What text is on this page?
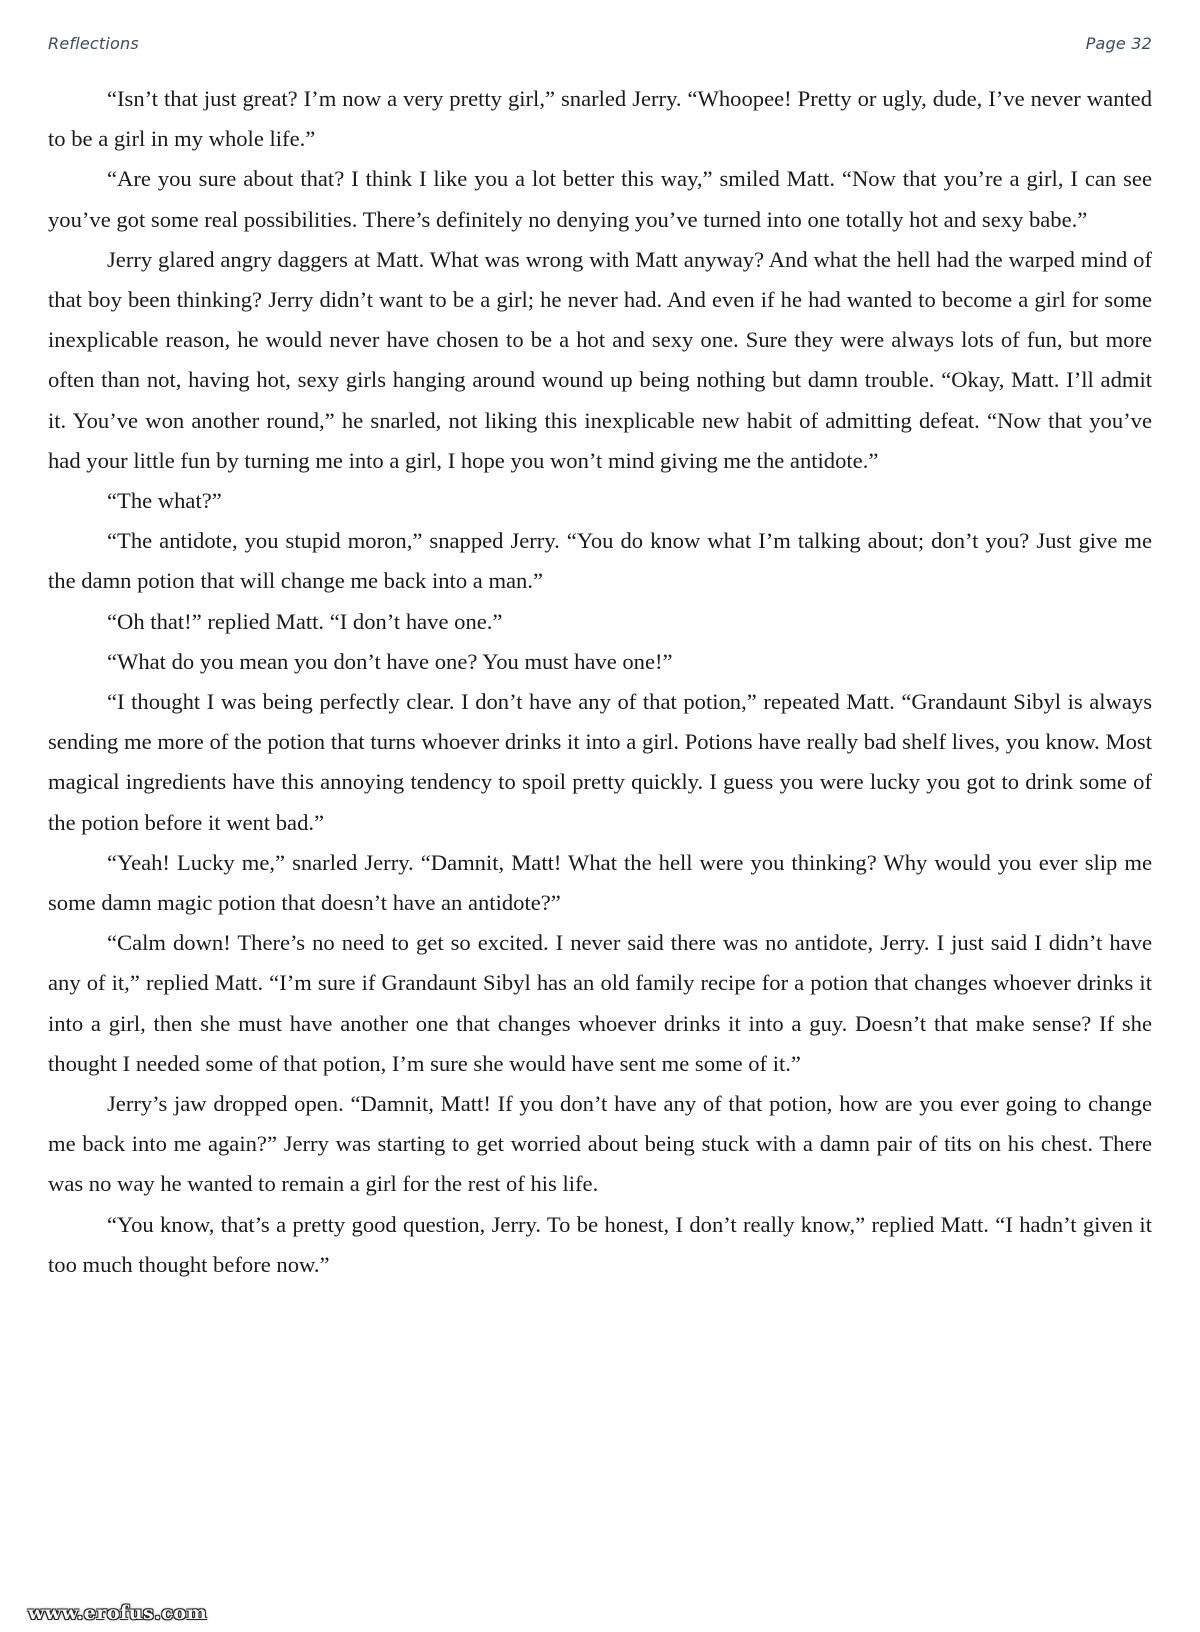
Reflections	Page 32

“Isn’t that just great? I’m now a very pretty girl,” snarled Jerry. “Whoopee! Pretty or ugly, dude, I’ve never wanted to be a girl in my whole life.”

“Are you sure about that? I think I like you a lot better this way,” smiled Matt. “Now that you’re a girl, I can see you’ve got some real possibilities. There’s definitely no denying you’ve turned into one totally hot and sexy babe.”

Jerry glared angry daggers at Matt. What was wrong with Matt anyway? And what the hell had the warped mind of that boy been thinking? Jerry didn’t want to be a girl; he never had. And even if he had wanted to become a girl for some inexplicable reason, he would never have chosen to be a hot and sexy one. Sure they were always lots of fun, but more often than not, having hot, sexy girls hanging around wound up being nothing but damn trouble. “Okay, Matt. I’ll admit it. You’ve won another round,” he snarled, not liking this inexplicable new habit of admitting defeat. “Now that you’ve had your little fun by turning me into a girl, I hope you won’t mind giving me the antidote.”

“The what?”

“The antidote, you stupid moron,” snapped Jerry. “You do know what I’m talking about; don’t you? Just give me the damn potion that will change me back into a man.”

“Oh that!” replied Matt. “I don’t have one.”

“What do you mean you don’t have one? You must have one!”

“I thought I was being perfectly clear. I don’t have any of that potion,” repeated Matt. “Grandaunt Sibyl is always sending me more of the potion that turns whoever drinks it into a girl. Potions have really bad shelf lives, you know. Most magical ingredients have this annoying tendency to spoil pretty quickly. I guess you were lucky you got to drink some of the potion before it went bad.”

“Yeah! Lucky me,” snarled Jerry. “Damnit, Matt! What the hell were you thinking? Why would you ever slip me some damn magic potion that doesn’t have an antidote?”

“Calm down! There’s no need to get so excited. I never said there was no antidote, Jerry. I just said I didn’t have any of it,” replied Matt. “I’m sure if Grandaunt Sibyl has an old family recipe for a potion that changes whoever drinks it into a girl, then she must have another one that changes whoever drinks it into a guy. Doesn’t that make sense? If she thought I needed some of that potion, I’m sure she would have sent me some of it.”

Jerry’s jaw dropped open. “Damnit, Matt! If you don’t have any of that potion, how are you ever going to change me back into me again?” Jerry was starting to get worried about being stuck with a damn pair of tits on his chest. There was no way he wanted to remain a girl for the rest of his life.

“You know, that’s a pretty good question, Jerry. To be honest, I don’t really know,” replied Matt. “I hadn’t given it too much thought before now.”

www.erofus.com
